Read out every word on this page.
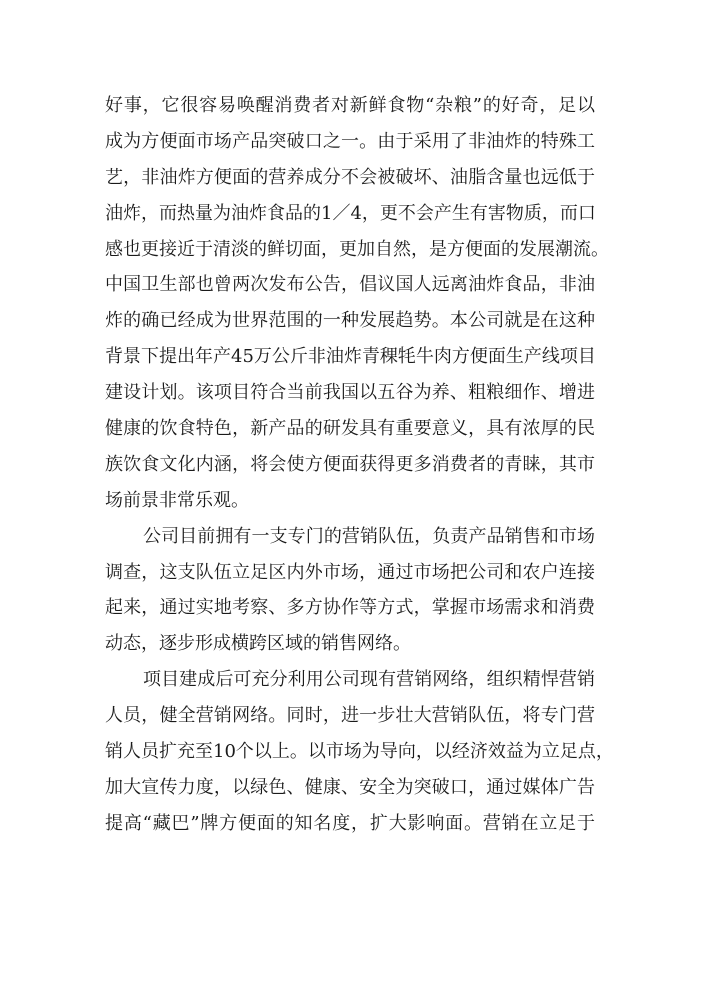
好事，它很容易唤醒消费者对新鲜食物“杂粮”的好奇，足以
成为方便面市场产品突破口之一。由于采用了非油炸的特殊工
艺，非油炸方便面的营养成分不会被破坏、油脂含量也远低于
油炸，而热量为油炸食品的1／4，更不会产生有害物质，而口
感也更接近于清淡的鲜切面，更加自然，是方便面的发展潮流。
中国卫生部也曾两次发布公告，倡议国人远离油炸食品，非油
炸的确已经成为世界范围的一种发展趋势。本公司就是在这种
背景下提出年产45万公斤非油炸青稞牦牛肉方便面生产线项目
建设计划。该项目符合当前我国以五谷为养、粗粮细作、增进
健康的饮食特色，新产品的研发具有重要意义，具有浓厚的民
族饮食文化内涵，将会使方便面获得更多消费者的青睐，其市
场前景非常乐观。
公司目前拥有一支专门的营销队伍，负责产品销售和市场
调查，这支队伍立足区内外市场，通过市场把公司和农户连接
起来，通过实地考察、多方协作等方式，掌握市场需求和消费
动态，逐步形成横跨区域的销售网络。
项目建成后可充分利用公司现有营销网络，组织精悍营销
人员，健全营销网络。同时，进一步壮大营销队伍，将专门营
销人员扩充至10个以上。以市场为导向，以经济效益为立足点，
加大宣传力度，以绿色、健康、安全为突破口，通过媒体广告
提高“藏巴”牌方便面的知名度，扩大影响面。营销在立足于
